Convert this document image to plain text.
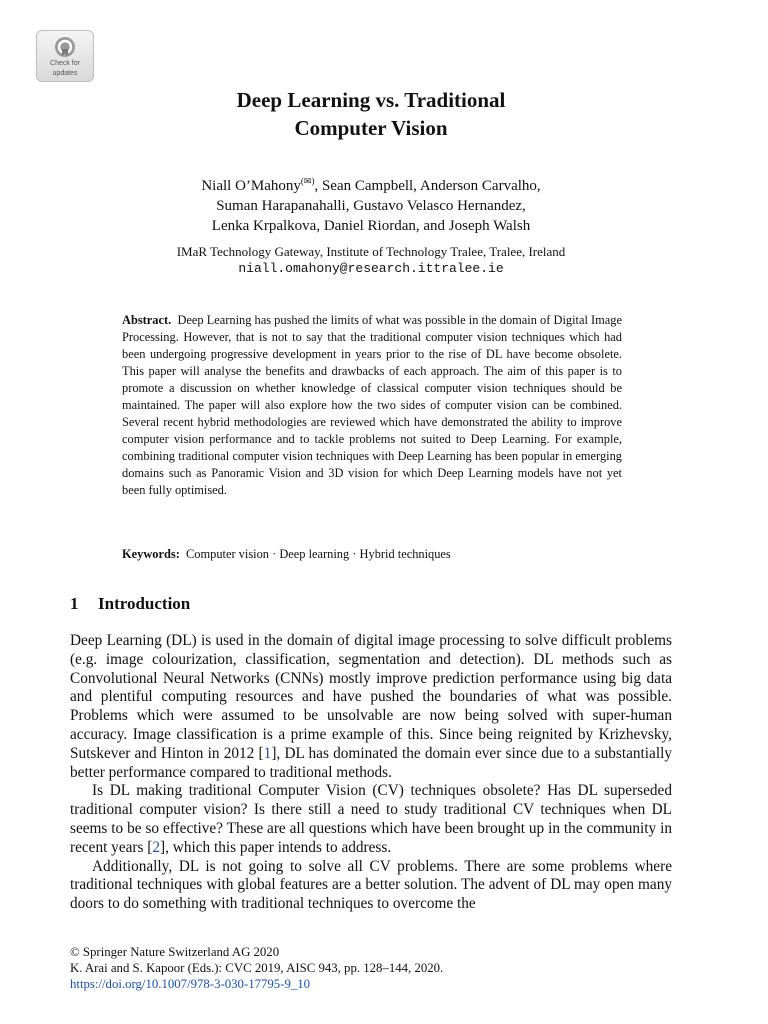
Check for
updates
Deep Learning vs. Traditional
Computer Vision
Niall O’Mahony(✉), Sean Campbell, Anderson Carvalho,
Suman Harapanahalli, Gustavo Velasco Hernandez,
Lenka Krpalkova, Daniel Riordan, and Joseph Walsh
IMaR Technology Gateway, Institute of Technology Tralee, Tralee, Ireland
niall.omahony@research.ittralee.ie
Abstract. Deep Learning has pushed the limits of what was possible in the domain of Digital Image Processing. However, that is not to say that the traditional computer vision techniques which had been undergoing progressive development in years prior to the rise of DL have become obsolete. This paper will analyse the benefits and drawbacks of each approach. The aim of this paper is to promote a discussion on whether knowledge of classical computer vision techniques should be maintained. The paper will also explore how the two sides of computer vision can be combined. Several recent hybrid methodologies are reviewed which have demonstrated the ability to improve computer vision performance and to tackle problems not suited to Deep Learning. For example, combining traditional computer vision techniques with Deep Learning has been popular in emerging domains such as Panoramic Vision and 3D vision for which Deep Learning models have not yet been fully optimised.
Keywords: Computer vision · Deep learning · Hybrid techniques
1 Introduction

Deep Learning (DL) is used in the domain of digital image processing to solve difficult problems (e.g. image colourization, classification, segmentation and detection). DL methods such as Convolutional Neural Networks (CNNs) mostly improve prediction performance using big data and plentiful computing resources and have pushed the boundaries of what was possible. Problems which were assumed to be unsolvable are now being solved with super-human accuracy. Image classification is a prime example of this. Since being reignited by Krizhevsky, Sutskever and Hinton in 2012 [1], DL has dominated the domain ever since due to a substantially better performance compared to traditional methods.

Is DL making traditional Computer Vision (CV) techniques obsolete? Has DL superseded traditional computer vision? Is there still a need to study traditional CV techniques when DL seems to be so effective? These are all questions which have been brought up in the community in recent years [2], which this paper intends to address.

Additionally, DL is not going to solve all CV problems. There are some problems where traditional techniques with global features are a better solution. The advent of DL may open many doors to do something with traditional techniques to overcome the

© Springer Nature Switzerland AG 2020
K. Arai and S. Kapoor (Eds.): CVC 2019, AISC 943, pp. 128–144, 2020.
https://doi.org/10.1007/978-3-030-17795-9_10
